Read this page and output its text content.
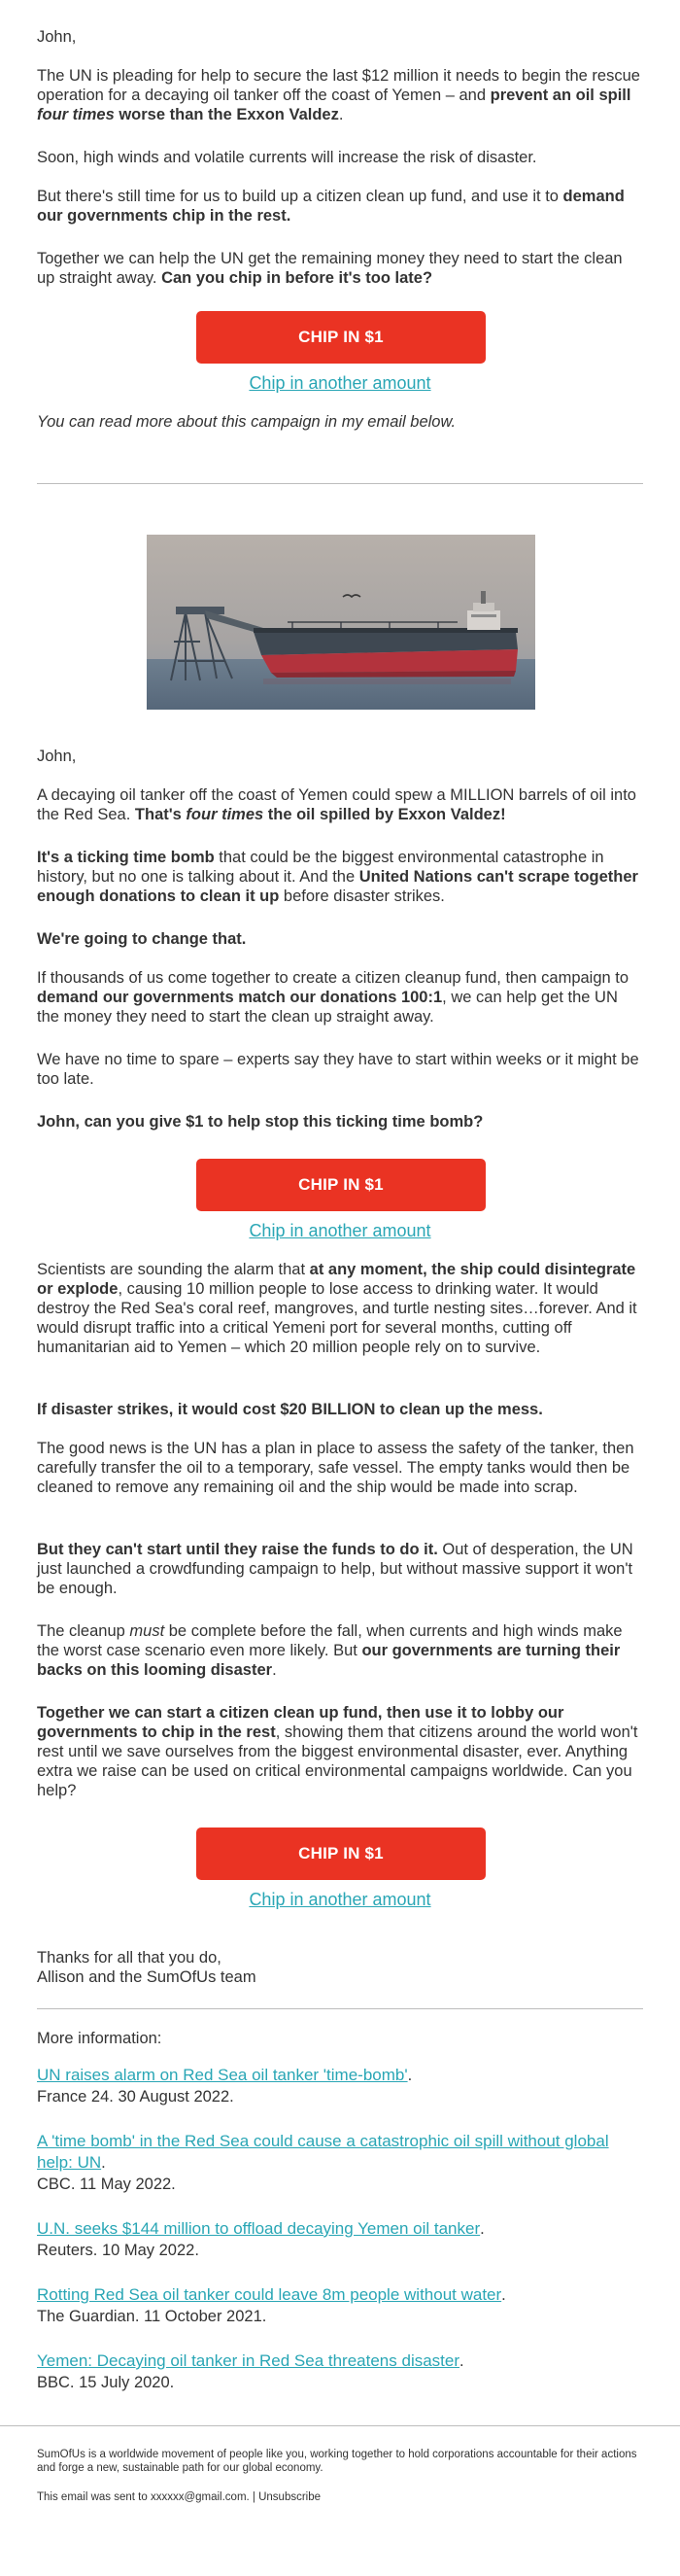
John,

The UN is pleading for help to secure the last $12 million it needs to begin the rescue operation for a decaying oil tanker off the coast of Yemen – and prevent an oil spill four times worse than the Exxon Valdez.

Soon, high winds and volatile currents will increase the risk of disaster.

But there's still time for us to build up a citizen clean up fund, and use it to demand our governments chip in the rest.

Together we can help the UN get the remaining money they need to start the clean up straight away. Can you chip in before it's too late?

CHIP IN $1
Chip in another amount

You can read more about this campaign in my email below.

John,

A decaying oil tanker off the coast of Yemen could spew a MILLION barrels of oil into the Red Sea. That's four times the oil spilled by Exxon Valdez!

It's a ticking time bomb that could be the biggest environmental catastrophe in history, but no one is talking about it. And the United Nations can't scrape together enough donations to clean it up before disaster strikes.

We're going to change that.

If thousands of us come together to create a citizen cleanup fund, then campaign to demand our governments match our donations 100:1, we can help get the UN the money they need to start the clean up straight away.

We have no time to spare – experts say they have to start within weeks or it might be too late.

John, can you give $1 to help stop this ticking time bomb?

CHIP IN $1
Chip in another amount

Scientists are sounding the alarm that at any moment, the ship could disintegrate or explode, causing 10 million people to lose access to drinking water. It would destroy the Red Sea's coral reef, mangroves, and turtle nesting sites…forever. And it would disrupt traffic into a critical Yemeni port for several months, cutting off humanitarian aid to Yemen – which 20 million people rely on to survive.

If disaster strikes, it would cost $20 BILLION to clean up the mess.

The good news is the UN has a plan in place to assess the safety of the tanker, then carefully transfer the oil to a temporary, safe vessel. The empty tanks would then be cleaned to remove any remaining oil and the ship would be made into scrap.

But they can't start until they raise the funds to do it. Out of desperation, the UN just launched a crowdfunding campaign to help, but without massive support it won't be enough.

The cleanup must be complete before the fall, when currents and high winds make the worst case scenario even more likely. But our governments are turning their backs on this looming disaster.

Together we can start a citizen clean up fund, then use it to lobby our governments to chip in the rest, showing them that citizens around the world won't rest until we save ourselves from the biggest environmental disaster, ever. Anything extra we raise can be used on critical environmental campaigns worldwide. Can you help?

CHIP IN $1
Chip in another amount

Thanks for all that you do,

Allison and the SumOfUs team

More information:

UN raises alarm on Red Sea oil tanker 'time-bomb'.
France 24. 30 August 2022.
A 'time bomb' in the Red Sea could cause a catastrophic oil spill without global help: UN.
CBC. 11 May 2022.
U.N. seeks $144 million to offload decaying Yemen oil tanker.
Reuters. 10 May 2022.
Rotting Red Sea oil tanker could leave 8m people without water.
The Guardian. 11 October 2021.
Yemen: Decaying oil tanker in Red Sea threatens disaster.
BBC. 15 July 2020.
SumOfUs is a worldwide movement of people like you, working together to hold corporations accountable for their actions and forge a new, sustainable path for our global economy.
This email was sent to xxxxxx@gmail.com. | Unsubscribe
